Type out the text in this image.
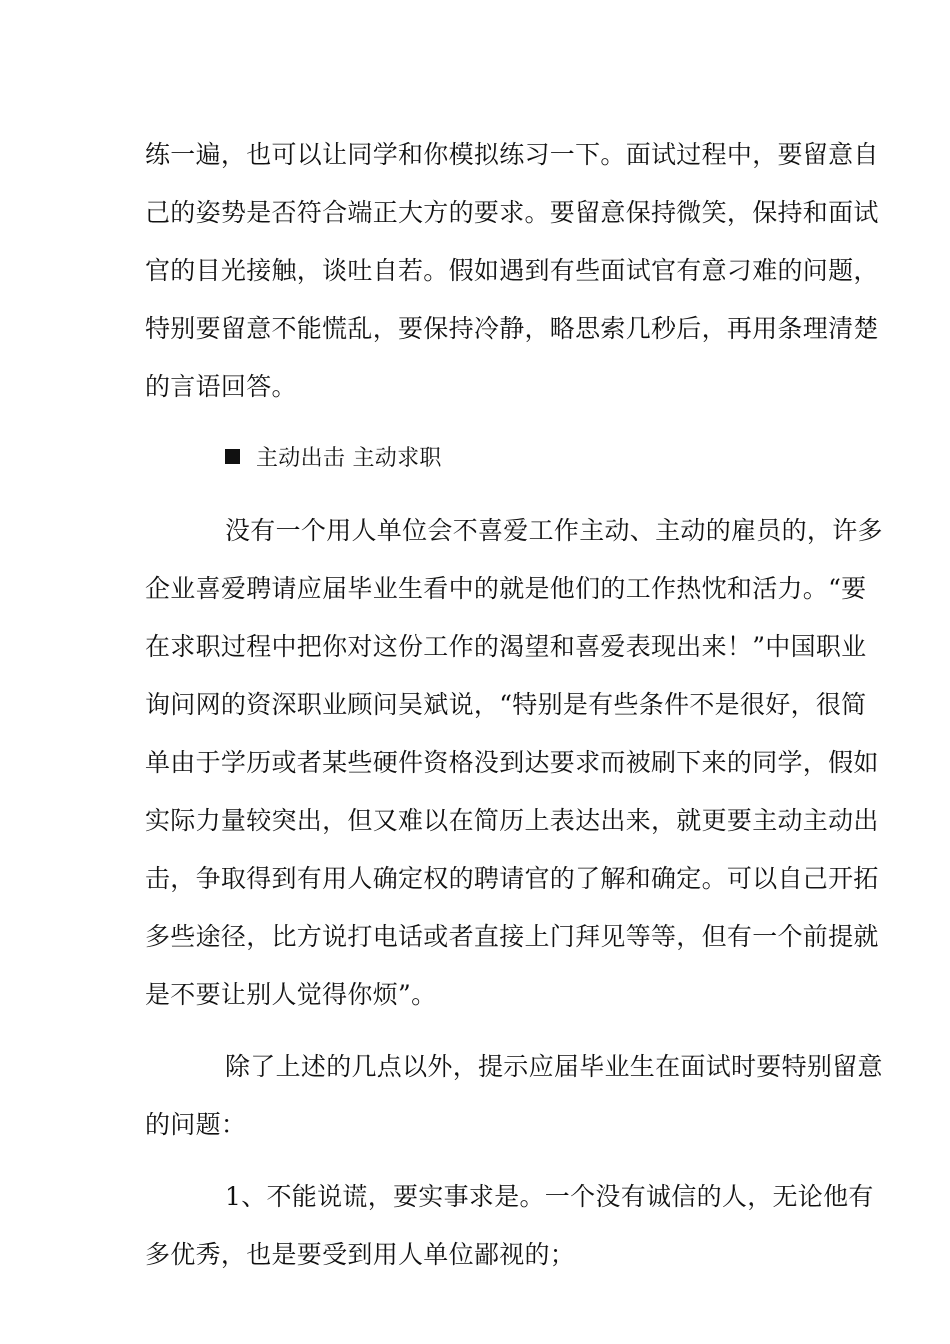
练一遍，也可以让同学和你模拟练习一下。面试过程中，要留意自
己的姿势是否符合端正大方的要求。要留意保持微笑，保持和面试
官的目光接触，谈吐自若。假如遇到有些面试官有意刁难的问题，
特别要留意不能慌乱，要保持冷静，略思索几秒后，再用条理清楚
的言语回答。
主动出击 主动求职
没有一个用人单位会不喜爱工作主动、主动的雇员的，许多
企业喜爱聘请应届毕业生看中的就是他们的工作热忱和活力。“要
在求职过程中把你对这份工作的渴望和喜爱表现出来！”中国职业
询问网的资深职业顾问吴斌说，“特别是有些条件不是很好，很简
单由于学历或者某些硬件资格没到达要求而被刷下来的同学，假如
实际力量较突出，但又难以在简历上表达出来，就更要主动主动出
击，争取得到有用人确定权的聘请官的了解和确定。可以自己开拓
多些途径，比方说打电话或者直接上门拜见等等，但有一个前提就
是不要让别人觉得你烦”。
除了上述的几点以外，提示应届毕业生在面试时要特别留意
的问题：
1、不能说谎，要实事求是。一个没有诚信的人，无论他有
多优秀，也是要受到用人单位鄙视的；
